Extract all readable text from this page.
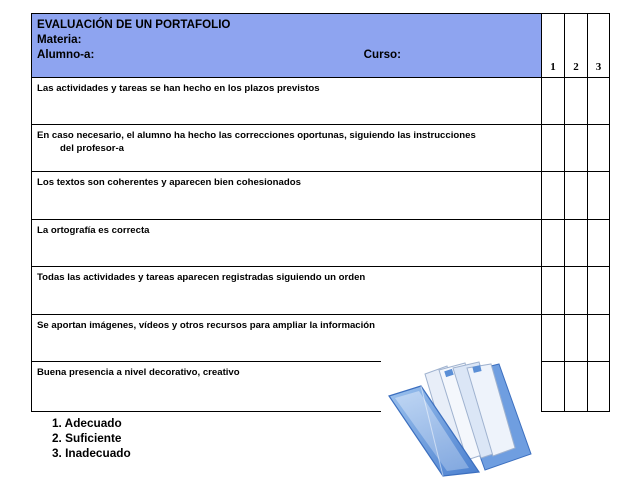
EVALUACIÓN DE UN PORTAFOLIO
Materia:
Alumno-a: Curso:	1	2	3
Las actividades y tareas se han hecho en los plazos previstos			
En caso necesario, el alumno ha hecho las correcciones oportunas, siguiendo las instrucciones
del profesor-a			

Los textos son coherentes y aparecen bien cohesionados			
La ortografía es correcta			
Todas las actividades y tareas aparecen registradas siguiendo un orden			
Se aportan imágenes, vídeos y otros recursos para ampliar la información			
Buena presencia a nivel decorativo, creativo			
1. Adecuado
2. Suficiente
3. Inadecuado
